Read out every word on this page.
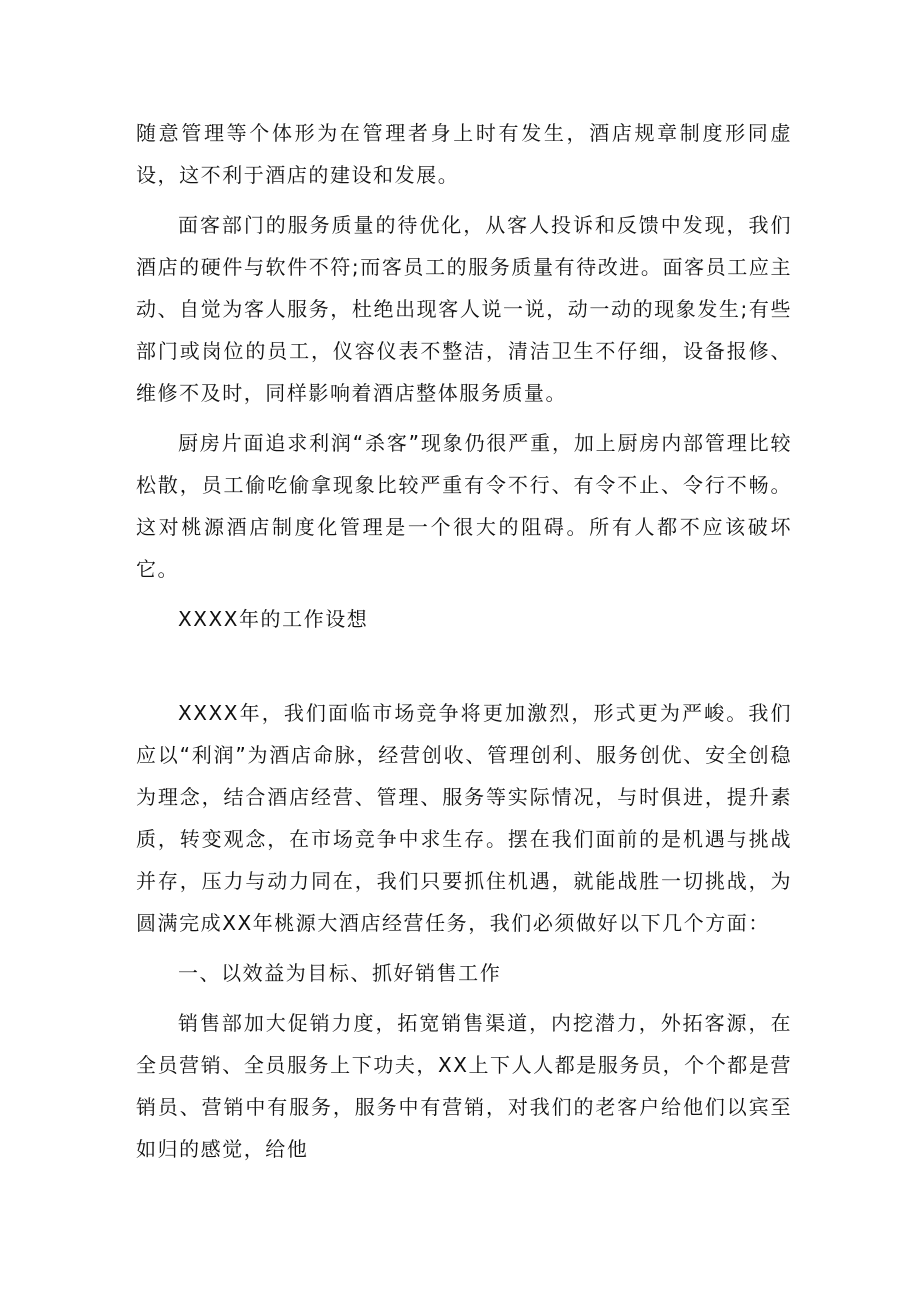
随意管理等个体形为在管理者身上时有发生，酒店规章制度形同虚设，这不利于酒店的建设和发展。

面客部门的服务质量的待优化，从客人投诉和反馈中发现，我们酒店的硬件与软件不符;而客员工的服务质量有待改进。面客员工应主动、自觉为客人服务，杜绝出现客人说一说，动一动的现象发生;有些部门或岗位的员工，仪容仪表不整洁，清洁卫生不仔细，设备报修、维修不及时，同样影响着酒店整体服务质量。

厨房片面追求利润“杀客”现象仍很严重，加上厨房内部管理比较松散，员工偷吃偷拿现象比较严重有令不行、有令不止、令行不畅。这对桃源酒店制度化管理是一个很大的阻碍。所有人都不应该破坏它。

XXXX年的工作设想

XXXX年，我们面临市场竞争将更加激烈，形式更为严峻。我们应以“利润”为酒店命脉，经营创收、管理创利、服务创优、安全创稳为理念，结合酒店经营、管理、服务等实际情况，与时俱进，提升素质，转变观念，在市场竞争中求生存。摆在我们面前的是机遇与挑战并存，压力与动力同在，我们只要抓住机遇，就能战胜一切挑战，为圆满完成XX年桃源大酒店经营任务，我们必须做好以下几个方面：

一、以效益为目标、抓好销售工作

销售部加大促销力度，拓宽销售渠道，内挖潜力，外拓客源，在全员营销、全员服务上下功夫，XX上下人人都是服务员，个个都是营销员、营销中有服务，服务中有营销，对我们的老客户给他们以宾至如归的感觉，给他
